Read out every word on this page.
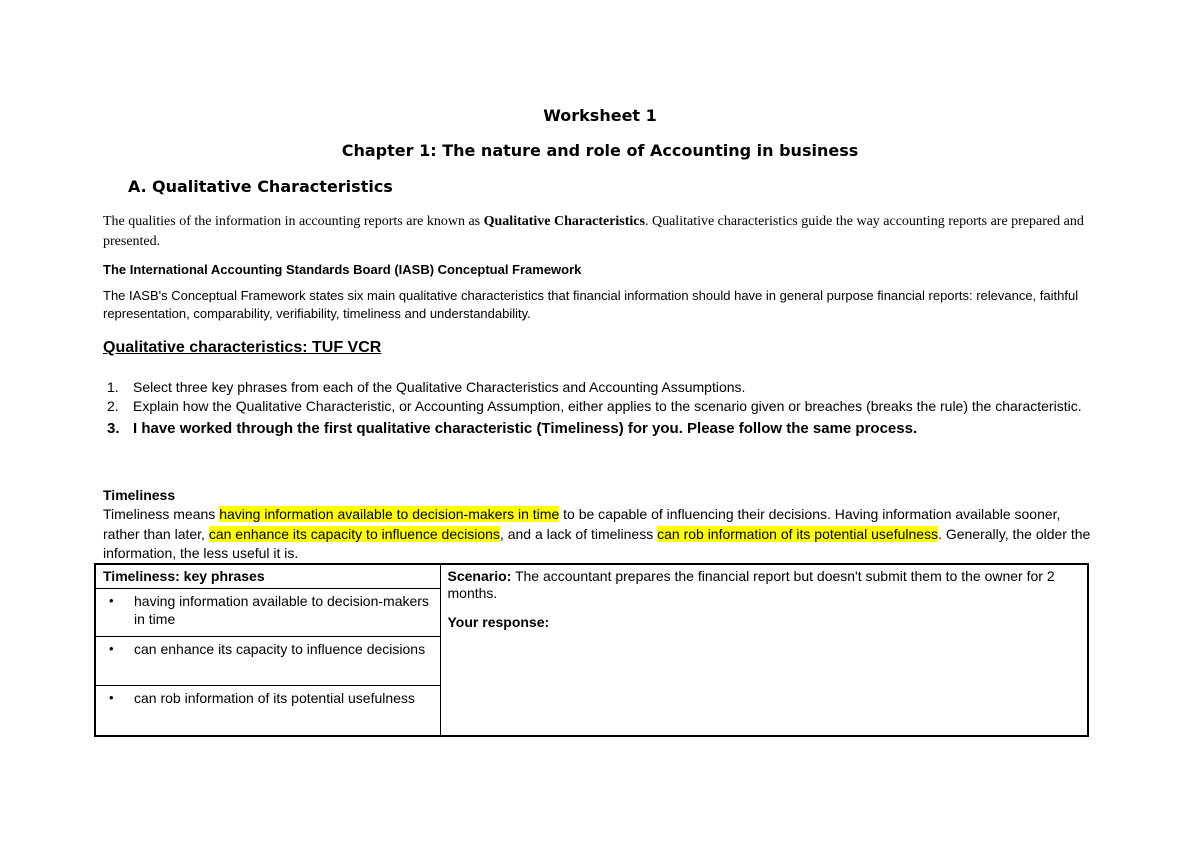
Worksheet 1
Chapter 1: The nature and role of Accounting in business
A. Qualitative Characteristics
The qualities of the information in accounting reports are known as Qualitative Characteristics. Qualitative characteristics guide the way accounting reports are prepared and presented.
The International Accounting Standards Board (IASB) Conceptual Framework
The IASB's Conceptual Framework states six main qualitative characteristics that financial information should have in general purpose financial reports: relevance, faithful representation, comparability, verifiability, timeliness and understandability.
Qualitative characteristics: TUF VCR
1. Select three key phrases from each of the Qualitative Characteristics and Accounting Assumptions.
2. Explain how the Qualitative Characteristic, or Accounting Assumption, either applies to the scenario given or breaches (breaks the rule) the characteristic.
3. I have worked through the first qualitative characteristic (Timeliness) for you. Please follow the same process.
Timeliness
Timeliness means having information available to decision-makers in time to be capable of influencing their decisions. Having information available sooner, rather than later, can enhance its capacity to influence decisions, and a lack of timeliness can rob information of its potential usefulness. Generally, the older the information, the less useful it is.
Timeliness: key phrases	Scenario: The accountant prepares the financial report but doesn't submit them to the owner for 2 months.
Your response:

• having information available to decision-makers in time

• can enhance its capacity to influence decisions

• can rob information of its potential usefulness
